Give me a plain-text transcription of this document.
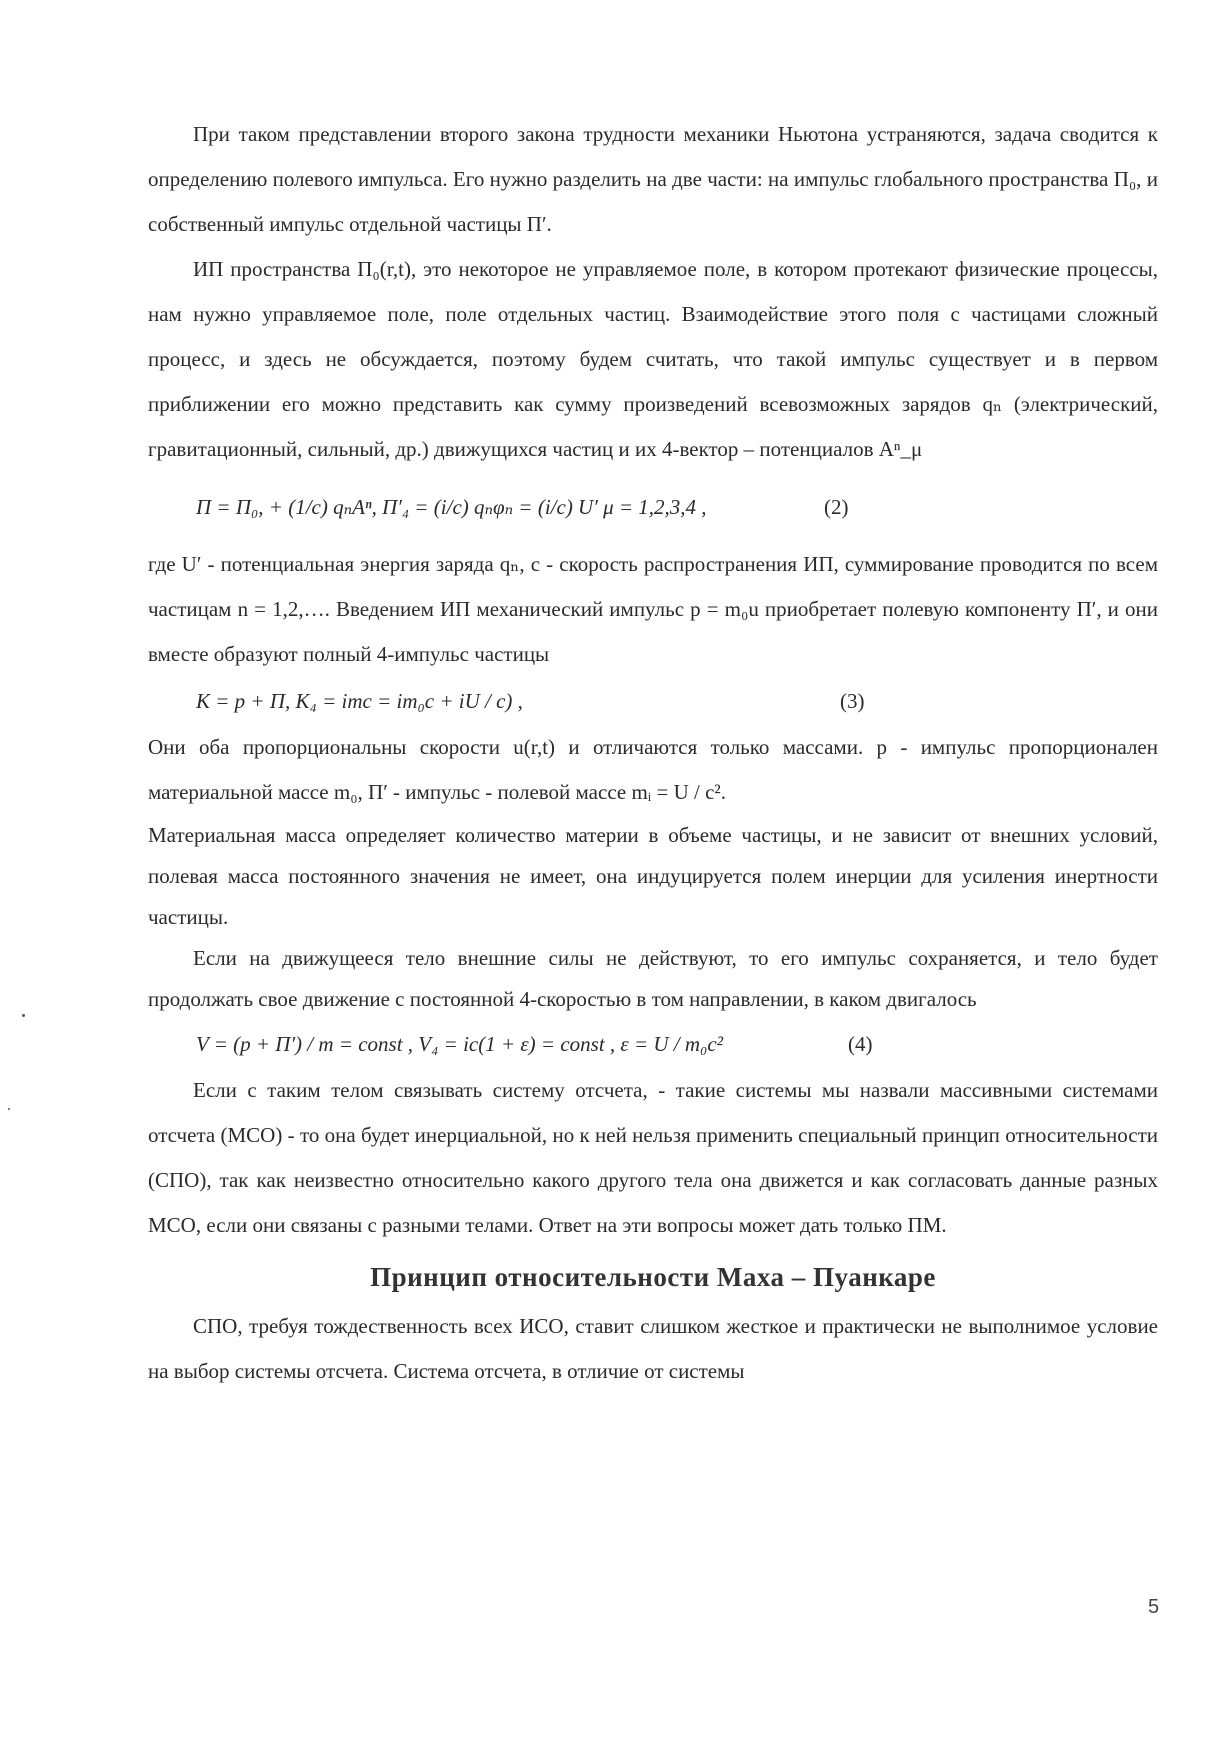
При таком представлении второго закона трудности механики Ньютона устраняются, задача сводится к определению полевого импульса. Его нужно разделить на две части: на импульс глобального пространства Π₀, и собственный импульс отдельной частицы Π′.

ИП пространства Π₀(r,t), это некоторое не управляемое поле, в котором протекают физические процессы, нам нужно управляемое поле, поле отдельных частиц. Взаимодействие этого поля с частицами сложный процесс, и здесь не обсуждается, поэтому будем считать, что такой импульс существует и в первом приближении его можно представить как сумму произведений всевозможных зарядов qₙ (электрический, гравитационный, сильный, др.) движущихся частиц и их 4-вектор – потенциалов Aⁿ_μ

Π = Π₀, + (1/c) qₙAⁿ, Π′₄ = (i/c) qₙφₙ = (i/c) U′ μ = 1,2,3,4 ,	(2)

где U′ - потенциальная энергия заряда qₙ, c - скорость распространения ИП, суммирование проводится по всем частицам n = 1,2,…. Введением ИП механический импульс p = m₀u приобретает полевую компоненту Π′, и они вместе образуют полный 4-импульс частицы

K = p + Π, K₄ = imc = im₀c + iU / c) ,	(3)

Они оба пропорциональны скорости u(r,t) и отличаются только массами. p - импульс пропорционален материальной массе m₀, Π′ - импульс - полевой массе mᵢ = U / c².

Материальная масса определяет количество материи в объеме частицы, и не зависит от внешних условий, полевая масса постоянного значения не имеет, она индуцируется полем инерции для усиления инертности частицы.

Если на движущееся тело внешние силы не действуют, то его импульс сохраняется, и тело будет продолжать свое движение с постоянной 4-скоростью в том направлении, в каком двигалось

V = (p + Π′) / m = const , V₄ = ic(1 + ε) = const , ε = U / m₀c²	(4)

Если с таким телом связывать систему отсчета, - такие системы мы назвали массивными системами отсчета (МСО) - то она будет инерциальной, но к ней нельзя применить специальный принцип относительности (СПО), так как неизвестно относительно какого другого тела она движется и как согласовать данные разных МСО, если они связаны с разными телами. Ответ на эти вопросы может дать только ПМ.

Принцип относительности Маха – Пуанкаре

СПО, требуя тождественность всех ИСО, ставит слишком жесткое и практически не выполнимое условие на выбор системы отсчета. Система отсчета, в отличие от системы

5
